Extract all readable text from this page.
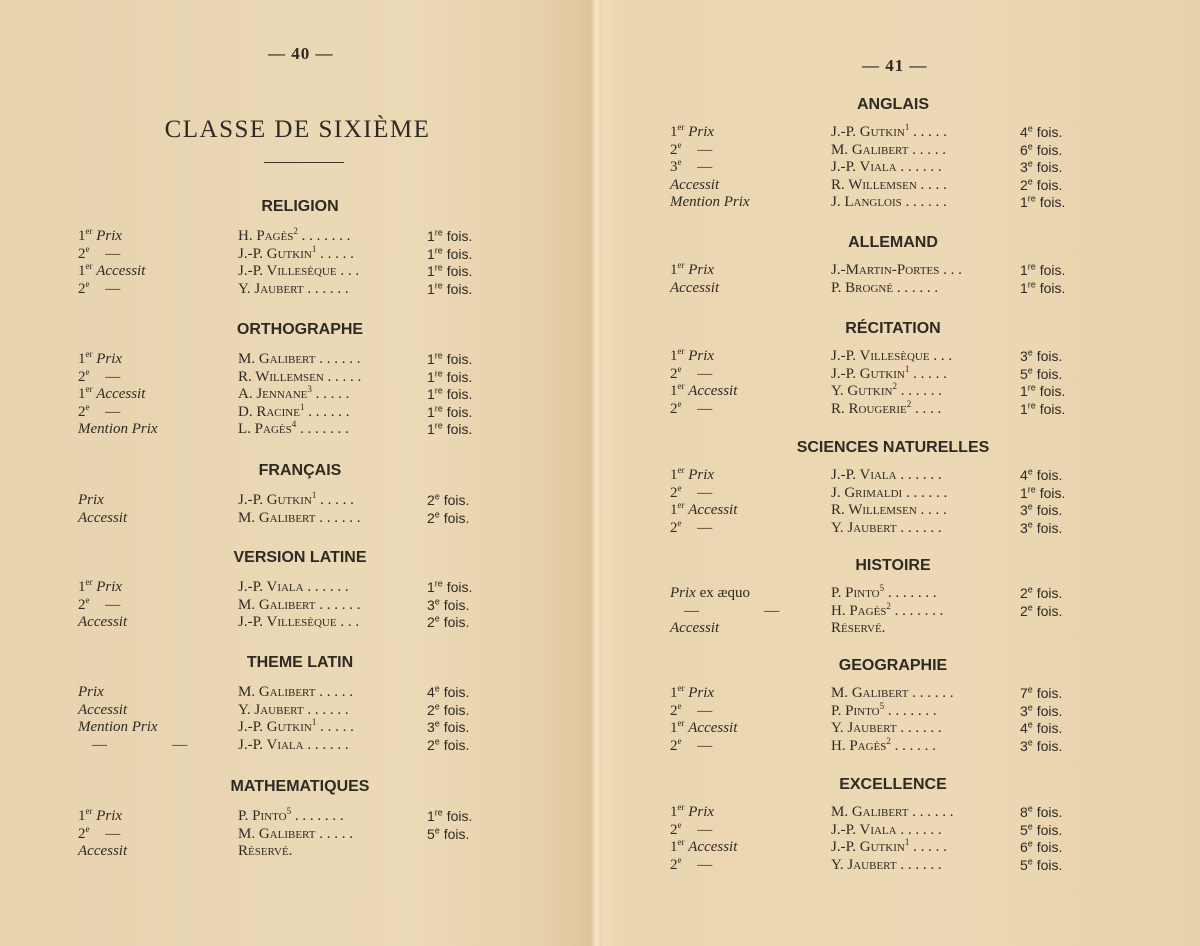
— 40 —
CLASSE DE SIXIÈME
— 41 —
RELIGION
1er Prix	H. Pagès$^2$ . . . . . . .	1re fois.
2e —	J.-P. Gutkin$^1$ . . . . .	1re fois.
1er Accessit	J.-P. Villesèque . . .	1re fois.
2e —	Y. Jaubert . . . . . .	1re fois.
ORTHOGRAPHE
1er Prix	M. Galibert . . . . . .	1re fois.
2e —	R. Willemsen . . . . .	1re fois.
1er Accessit	A. Jennane$^3$ . . . . .	1re fois.
2e —	D. Racine$^1$ . . . . . .	1re fois.
Mention Prix	L. Pagès$^4$ . . . . . . .	1re fois.
FRANÇAIS
Prix	J.-P. Gutkin$^1$ . . . . .	2e fois.
Accessit	M. Galibert . . . . . .	2e fois.
VERSION LATINE
1er Prix	J.-P. Viala . . . . . .	1re fois.
2e —	M. Galibert . . . . . .	3e fois.
Accessit	J.-P. Villesèque . . .	2e fois.
THEME LATIN
Prix	M. Galibert . . . . .	4e fois.
Accessit	Y. Jaubert . . . . . .	2e fois.
Mention Prix	J.-P. Gutkin$^1$ . . . . .	3e fois.
—   —	J.-P. Viala . . . . . .	2e fois.
MATHEMATIQUES
1er Prix	P. Pinto$^5$ . . . . . . .	1re fois.
2e —	M. Galibert . . . . .	5e fois.
Accessit	Réservé.
ANGLAIS
1er Prix	J.-P. Gutkin$^1$ . . . . .	4e fois.
2e —	M. Galibert . . . . .	6e fois.
3e —	J.-P. Viala . . . . . .	3e fois.
Accessit	R. Willemsen . . . .	2e fois.
Mention Prix	J. Langlois . . . . . .	1re fois.
ALLEMAND
1er Prix	J.-Martin-Portes . . .	1re fois.
Accessit	P. Brogné . . . . . .	1re fois.
RÉCITATION
1er Prix	J.-P. Villesèque . . .	3e fois.
2e —	J.-P. Gutkin$^1$ . . . . .	5e fois.
1er Accessit	Y. Gutkin$^2$ . . . . . .	1re fois.
2e —	R. Rougerie$^2$ . . . .	1re fois.
SCIENCES NATURELLES
1er Prix	J.-P. Viala . . . . . .	4e fois.
2e —	J. Grimaldi . . . . . .	1re fois.
1er Accessit	R. Willemsen . . . .	3e fois.
2e —	Y. Jaubert . . . . . .	3e fois.
HISTOIRE
Prix ex æquo	P. Pinto$^5$ . . . . . . .	2e fois.
—   —	H. Pagès$^2$ . . . . . . .	2e fois.
Accessit	Réservé.
GEOGRAPHIE
1er Prix	M. Galibert . . . . . .	7e fois.
2e —	P. Pinto$^5$ . . . . . . .	3e fois.
1er Accessit	Y. Jaubert . . . . . .	4e fois.
2e —	H. Pagès$^2$ . . . . . .	3e fois.
EXCELLENCE
1er Prix	M. Galibert . . . . . .	8e fois.
2e —	J.-P. Viala . . . . . .	5e fois.
1er Accessit	J.-P. Gutkin$^1$ . . . . .	6e fois.
2e —	Y. Jaubert . . . . . .	5e fois.
